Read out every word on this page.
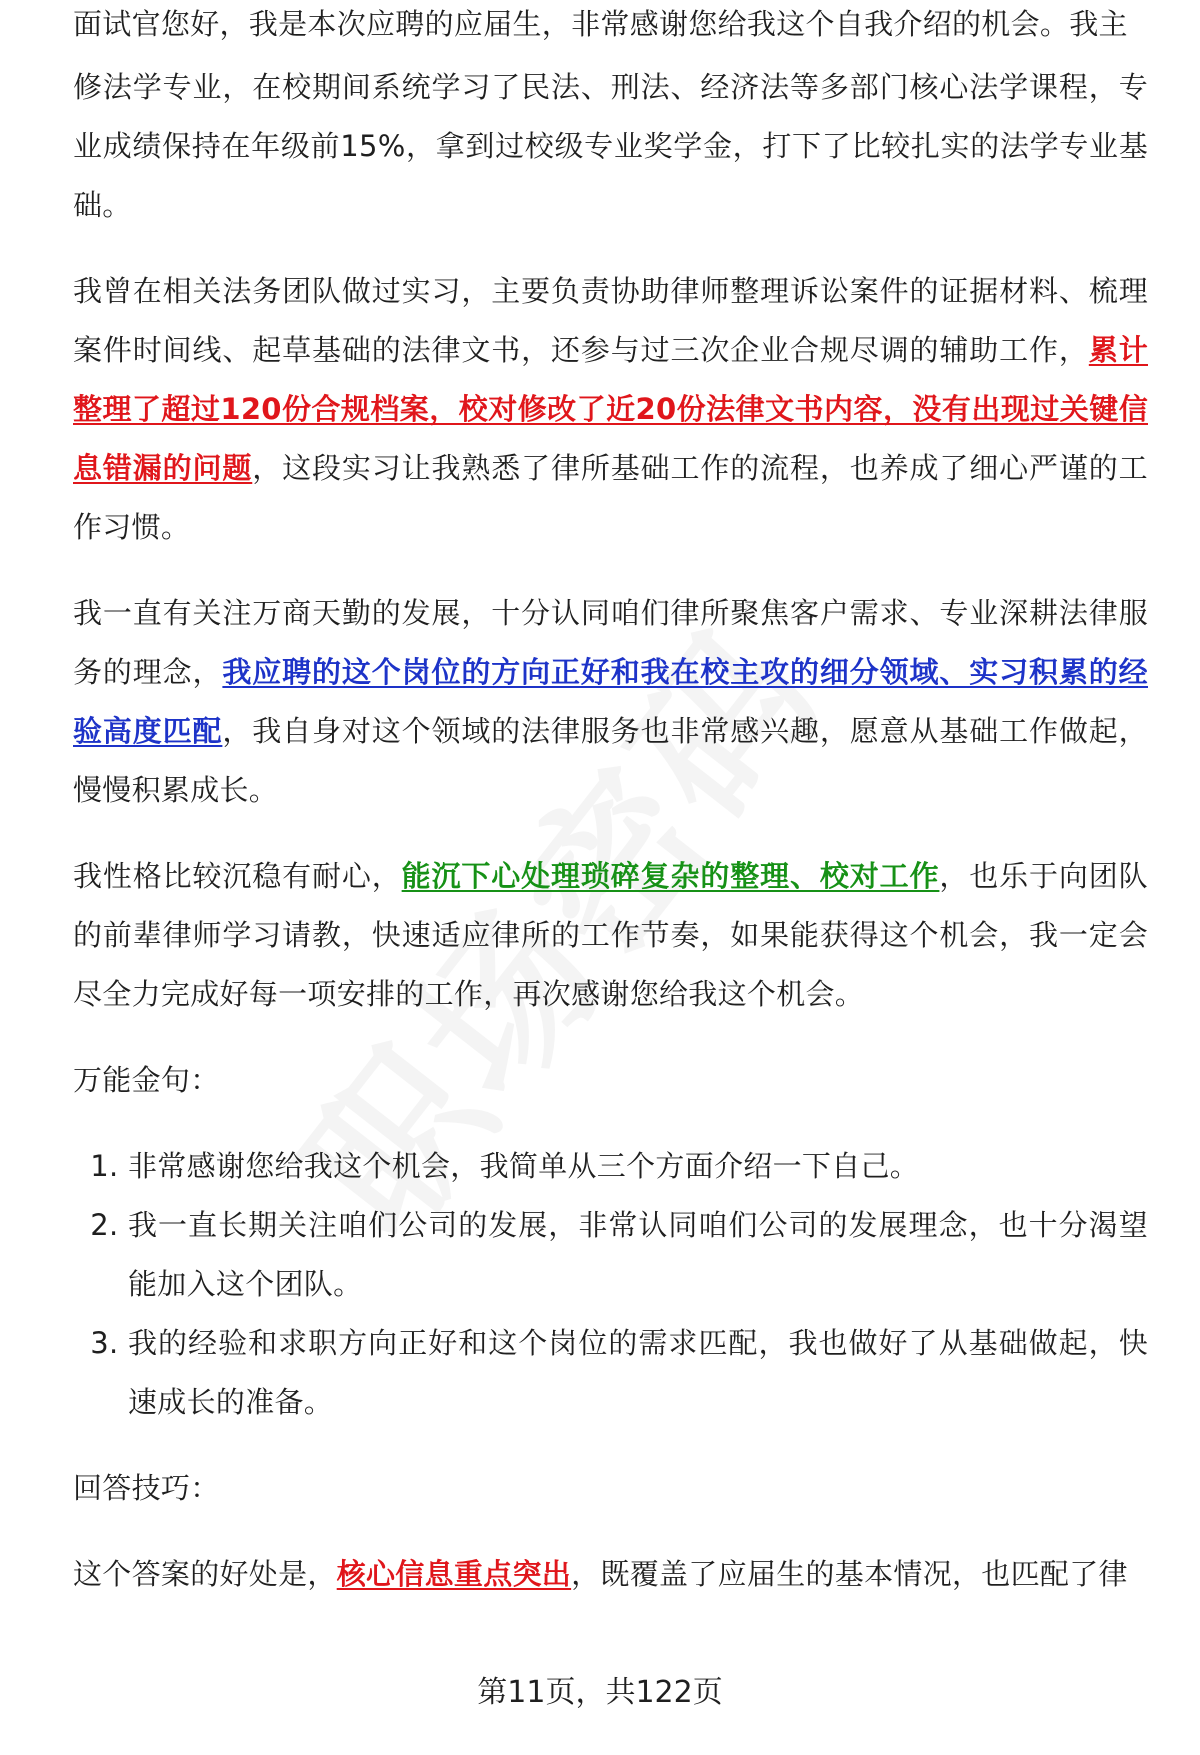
面试官您好，我是本次应聘的应届生，非常感谢您给我这个自我介绍的机会。我主

修法学专业，在校期间系统学习了民法、刑法、经济法等多部门核心法学课程，专业成绩保持在年级前15%，拿到过校级专业奖学金，打下了比较扎实的法学专业基础。

我曾在相关法务团队做过实习，主要负责协助律师整理诉讼案件的证据材料、梳理案件时间线、起草基础的法律文书，还参与过三次企业合规尽调的辅助工作，累计整理了超过120份合规档案，校对修改了近20份法律文书内容，没有出现过关键信息错漏的问题，这段实习让我熟悉了律所基础工作的流程，也养成了细心严谨的工作习惯。

我一直有关注万商天勤的发展，十分认同咱们律所聚焦客户需求、专业深耕法律服务的理念，我应聘的这个岗位的方向正好和我在校主攻的细分领域、实习积累的经验高度匹配，我自身对这个领域的法律服务也非常感兴趣，愿意从基础工作做起，慢慢积累成长。

我性格比较沉稳有耐心，能沉下心处理琐碎复杂的整理、校对工作，也乐于向团队的前辈律师学习请教，快速适应律所的工作节奏，如果能获得这个机会，我一定会尽全力完成好每一项安排的工作，再次感谢您给我这个机会。

万能金句：
1. 非常感谢您给我这个机会，我简单从三个方面介绍一下自己。
2. 我一直长期关注咱们公司的发展，非常认同咱们公司的发展理念，也十分渴望能加入这个团队。
3. 我的经验和求职方向正好和这个岗位的需求匹配，我也做好了从基础做起，快速成长的准备。
回答技巧：

这个答案的好处是，核心信息重点突出，既覆盖了应届生的基本情况，也匹配了律

第11页，共122页
